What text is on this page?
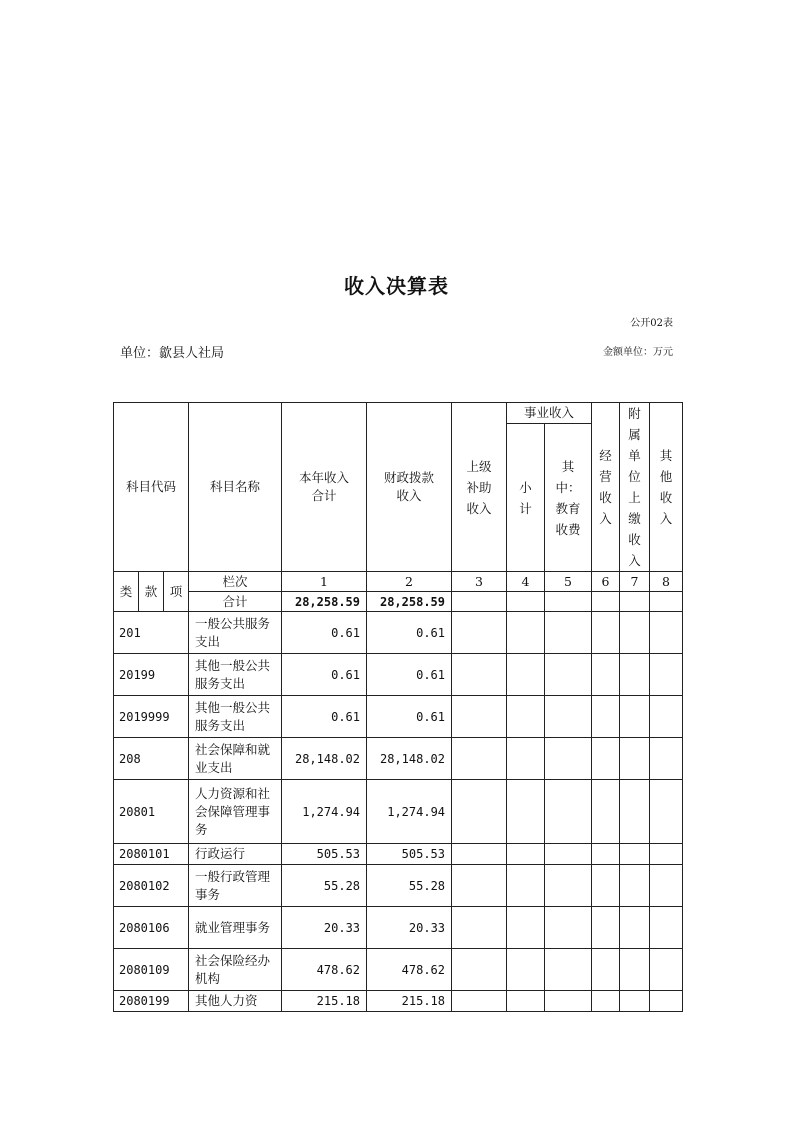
收入决算表
公开02表
单位：歙县人社局	金额单位：万元
科目代码			科目名称	本年收入合计	财政拨款收入	上级补助收入	事业收入		经营收入	附属单位上缴收入	其他收入

							小计	其中：教育收费			

类	款	项	栏次	1	2	3	4	5	6	7	8
			合计	28,258.59	28,258.59						
201			一般公共服务支出	0.61	0.61						
20199			其他一般公共服务支出	0.61	0.61						
2019999			其他一般公共服务支出	0.61	0.61						
208			社会保障和就业支出	28,148.02	28,148.02						
20801			人力资源和社会保障管理事务	1,274.94	1,274.94						
2080101			行政运行	505.53	505.53						
2080102			一般行政管理事务	55.28	55.28						
2080106			就业管理事务	20.33	20.33						
2080109			社会保险经办机构	478.62	478.62						
2080199			其他人力资	215.18	215.18						
